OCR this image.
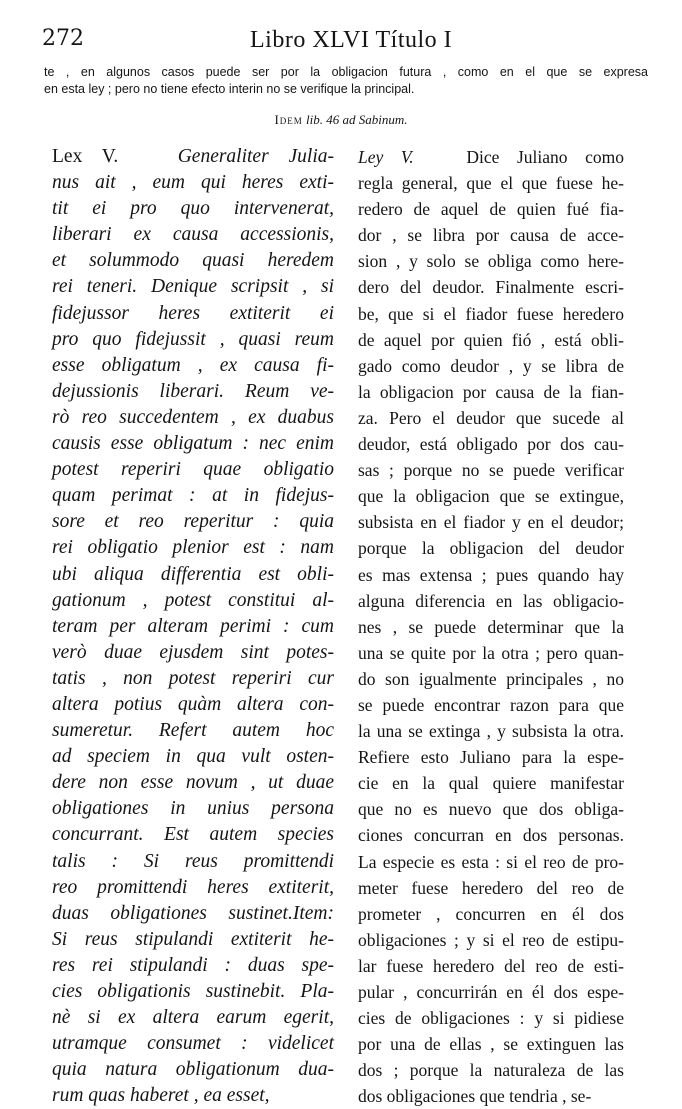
272	Libro XLVI Título I
te , en algunos casos puede ser por la obligacion futura , como en el que se expresa
en esta ley ; pero no tiene efecto interin no se verifique la principal.
Idem lib. 46 ad Sabinum.
Lex V.	Generaliter Julia-
nus ait , eum qui heres exti-
tit ei pro quo intervenerat,
liberari ex causa accessionis,
et solummodo quasi heredem
rei teneri. Denique scripsit , si
fidejussor heres extiterit ei
pro quo fidejussit , quasi reum
esse obligatum , ex causa fi-
dejussionis liberari. Reum ve-
rò reo succedentem , ex duabus
causis esse obligatum : nec enim
potest reperiri quae obligatio
quam perimat : at in fidejus-
sore et reo reperitur : quia
rei obligatio plenior est : nam
ubi aliqua differentia est obli-
gationum , potest constitui al-
teram per alteram perimi : cum
verò duae ejusdem sint potes-
tatis , non potest reperiri cur
altera potius quàm altera con-
sumeretur. Refert autem hoc
ad speciem in qua vult osten-
dere non esse novum , ut duae
obligationes in unius persona
concurrant. Est autem species
talis : Si reus promittendi
reo promittendi heres extiterit,
duas obligationes sustinet.Item:
Si reus stipulandi extiterit he-
res rei stipulandi : duas spe-
cies obligationis sustinebit. Pla-
nè si ex altera earum egerit,
utramque consumet : videlicet
quia natura obligationum dua-
rum quas haberet , ea esset,
Ley V.	Dice Juliano como
regla general, que el que fuese he-
redero de aquel de quien fué fia-
dor , se libra por causa de acce-
sion , y solo se obliga como here-
dero del deudor. Finalmente escri-
be, que si el fiador fuese heredero
de aquel por quien fió , está obli-
gado como deudor , y se libra de
la obligacion por causa de la fian-
za. Pero el deudor que sucede al
deudor, está obligado por dos cau-
sas ; porque no se puede verificar
que la obligacion que se extingue,
subsista en el fiador y en el deudor;
porque la obligacion del deudor
es mas extensa ; pues quando hay
alguna diferencia en las obligacio-
nes , se puede determinar que la
una se quite por la otra ; pero quan-
do son igualmente principales , no
se puede encontrar razon para que
la una se extinga , y subsista la otra.
Refiere esto Juliano para la espe-
cie en la qual quiere manifestar
que no es nuevo que dos obliga-
ciones concurran en dos personas.
La especie es esta : si el reo de pro-
meter fuese heredero del reo de
prometer , concurren en él dos
obligaciones ; y si el reo de estipu-
lar fuese heredero del reo de esti-
pular , concurrirán en él dos espe-
cies de obligaciones : y si pidiese
por una de ellas , se extinguen las
dos ; porque la naturaleza de las
dos obligaciones que tendria , se-
